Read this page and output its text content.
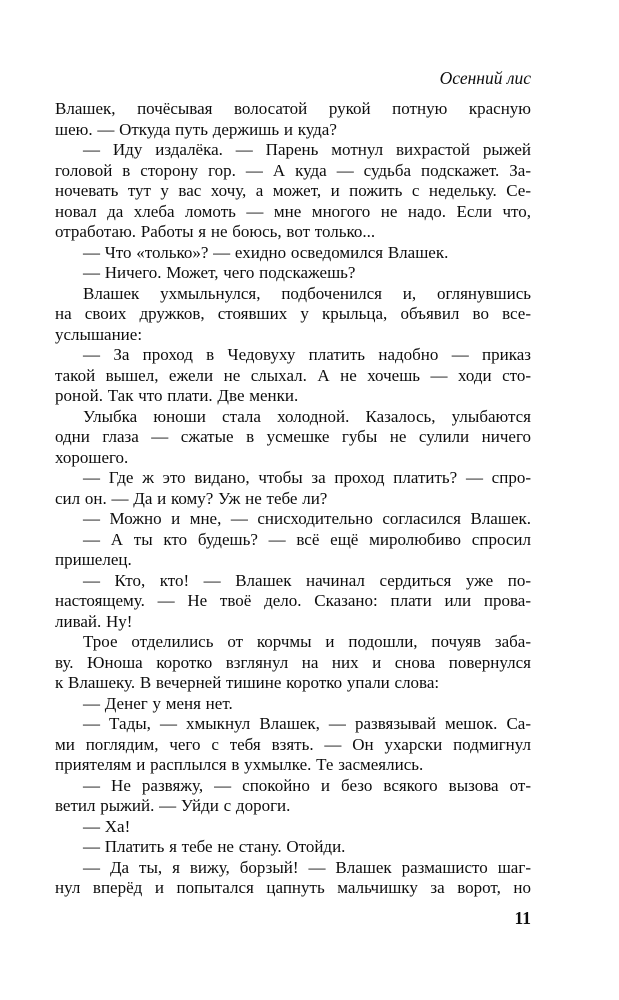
Осенний лис
Влашек, почёсывая волосатой рукой потную красную
шею. — Откуда путь держишь и куда?
— Иду издалёка. — Парень мотнул вихрастой рыжей
головой в сторону гор. — А куда — судьба подскажет. За-
ночевать тут у вас хочу, а может, и пожить с недельку. Се-
новал да хлеба ломоть — мне многого не надо. Если что,
отработаю. Работы я не боюсь, вот только...
— Что «только»? — ехидно осведомился Влашек.
— Ничего. Может, чего подскажешь?
Влашек ухмыльнулся, подбоченился и, оглянувшись
на своих дружков, стоявших у крыльца, объявил во все-
услышание:
— За проход в Чедовуху платить надобно — приказ
такой вышел, ежели не слыхал. А не хочешь — ходи сто-
роной. Так что плати. Две менки.
Улыбка юноши стала холодной. Казалось, улыбаются
одни глаза — сжатые в усмешке губы не сулили ничего
хорошего.
— Где ж это видано, чтобы за проход платить? — спро-
сил он. — Да и кому? Уж не тебе ли?
— Можно и мне, — снисходительно согласился Влашек.
— А ты кто будешь? — всё ещё миролюбиво спросил
пришелец.
— Кто, кто! — Влашек начинал сердиться уже по-
настоящему. — Не твоё дело. Сказано: плати или прова-
ливай. Ну!
Трое отделились от корчмы и подошли, почуяв заба-
ву. Юноша коротко взглянул на них и снова повернулся
к Влашеку. В вечерней тишине коротко упали слова:
— Денег у меня нет.
— Тады, — хмыкнул Влашек, — развязывай мешок. Са-
ми поглядим, чего с тебя взять. — Он ухарски подмигнул
приятелям и расплылся в ухмылке. Те засмеялись.
— Не развяжу, — спокойно и безо всякого вызова от-
ветил рыжий. — Уйди с дороги.
— Ха!
— Платить я тебе не стану. Отойди.
— Да ты, я вижу, борзый! — Влашек размашисто шаг-
нул вперёд и попытался цапнуть мальчишку за ворот, но
11
